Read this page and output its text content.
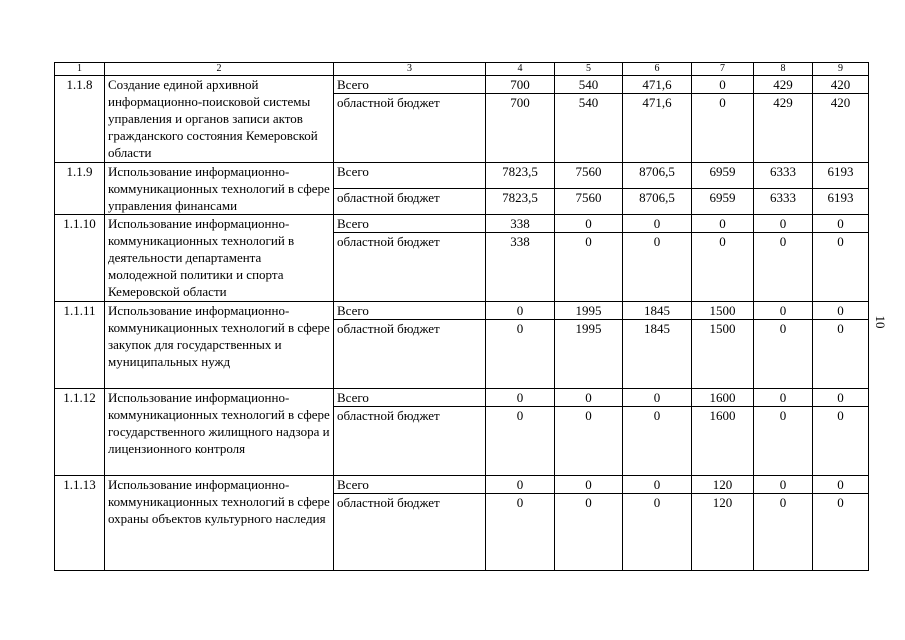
1	2	3	4	5	6	7	8	9
1.1.8	Создание единой архивной информационно-поисковой системы управления и органов записи актов гражданского состояния Кемеровской области	Всего	700	540	471,6	0	429	420
		областной бюджет	700	540	471,6	0	429	420
1.1.9	Использование информационно-коммуникационных технологий в сфере управления финансами	Всего	7823,5	7560	8706,5	6959	6333	6193
		областной бюджет	7823,5	7560	8706,5	6959	6333	6193
1.1.10	Использование информационно-коммуникационных технологий в деятельности департамента молодежной политики и спорта Кемеровской области	Всего	338	0	0	0	0	0
		областной бюджет	338	0	0	0	0	0
1.1.11	Использование информационно-коммуникационных технологий в сфере закупок для государственных и муниципальных нужд	Всего	0	1995	1845	1500	0	0
		областной бюджет	0	1995	1845	1500	0	0
1.1.12	Использование информационно-коммуникационных технологий в сфере государственного жилищного надзора и лицензионного контроля	Всего	0	0	0	1600	0	0
		областной бюджет	0	0	0	1600	0	0
1.1.13	Использование информационно-коммуникационных технологий в сфере охраны объектов культурного наследия	Всего	0	0	0	120	0	0
		областной бюджет	0	0	0	120	0	0
10
